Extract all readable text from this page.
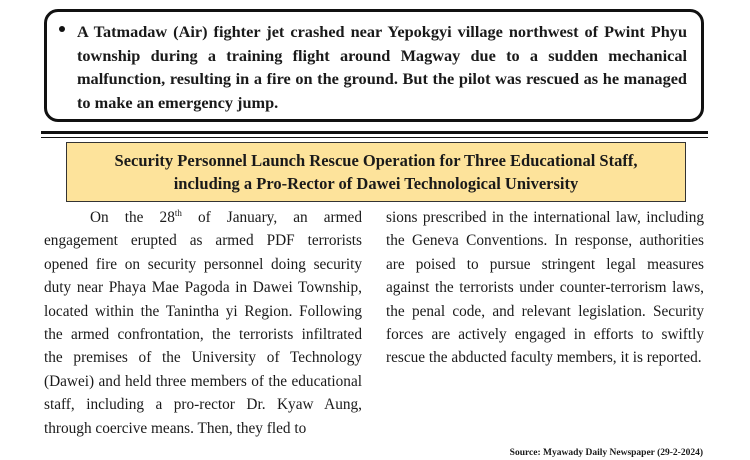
A Tatmadaw (Air) fighter jet crashed near Yepokgyi village northwest of Pwint Phyu township during a training flight around Magway due to a sudden mechanical malfunction, resulting in a fire on the ground. But the pilot was rescued as he managed to make an emergency jump.

Security Personnel Launch Rescue Operation for Three Educational Staff,
including a Pro-Rector of Dawei Technological University

On the 28th of January, an armed engagement erupted as armed PDF terrorists opened fire on security personnel doing security duty near Phaya Mae Pagoda in Dawei Township, located within the Tanintha yi Region. Following the armed confrontation, the terrorists infiltrated the premises of the University of Technology (Dawei) and held three members of the educational staff, including a pro-rector Dr. Kyaw Aung, through coercive means. Then, they fled to

sions prescribed in the international law, including the Geneva Conventions. In response, authorities are poised to pursue stringent legal measures against the terrorists under counter-terrorism laws, the penal code, and relevant legislation. Security forces are actively engaged in efforts to swiftly rescue the abducted faculty members, it is reported.

Source: Myawady Daily Newspaper (29-2-2024)
